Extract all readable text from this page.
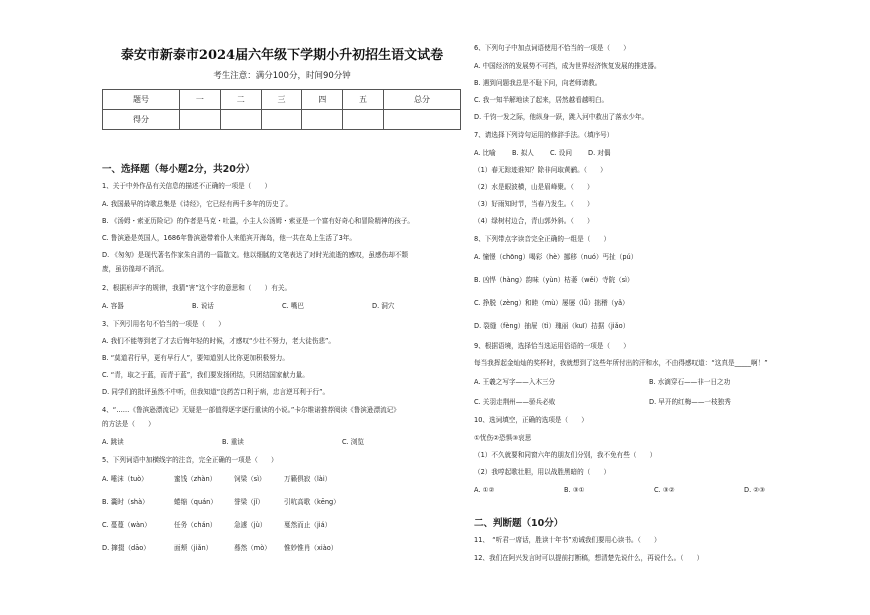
泰安市新泰市2024届六年级下学期小升初招生语文试卷
考生注意：满分100分，时间90分钟
题号	一	二	三	四	五	总分
得分						
一、选择题（每小题2分，共20分）
1、关于中外作品有关信息的描述不正确的一项是（　　）
A. 我国最早的诗歌总集是《诗经》，它已经有两千多年的历史了。
B. 《汤姆・索亚历险记》的作者是马克・吐温，小主人公汤姆・索亚是一个富有好奇心和冒险精神的孩子。
C. 鲁滨逊是英国人，1686年鲁滨逊带着仆人来船宾开海岛，他一共在岛上生活了3年。
D. 《匆匆》是现代著名作家朱自清的一篇散文。他以细腻的文笔表达了对时光流逝的感叹，虽感伤却不颓
废，虽彷徨却不消沉。
2、根据形声字的规律，我猜“害”这个字的意思和（　　）有关。
A. 容器	B. 说话	C. 嘴巴	D. 洞穴
3、下列引用名句不恰当的一项是（　　）
A. 我们不能等到老了才去后悔年轻的时候，才感叹“少壮不努力，老大徒伤悲”。
B. “莫道君行早，更有早行人”，要知道别人比你更加积极努力。
C. “青，取之于蓝，而青于蓝”，我们要发扬团结，只团结国家献力量。
D. 同学们的批评虽然不中听，但我知道“良药苦口利于病，忠言逆耳利于行”。
4、“……《鲁滨逊漂流记》无疑是一部值得逐字逐行重读的小说。”卡尔维诺推荐阅读《鲁滨逊漂流记》
的方法是（　　）
A. 跳读	B. 重读	C. 浏览
5、下列词语中加横线字的注音，完全正确的一项是（　　）
A. 唾沫（tuò）	蜜饯（zhàn）	饲梁（sì）	万籁俱寂（lài）
B. 囊时（shà）	蜷缩（quán）	誉梁（jǐ）	引吭高歌（kēng）
C. 蔓蔓（wàn）	任务（chán）	急遽（jù）	戛然而止（jiá）
D. 撺掇（dāo）	面颊（jiǎn）	蓦然（mò） 惟妙惟肖（xiào）
6、下列句子中加点词语使用不恰当的一项是（　　）
A. 中国经济的发展势不可挡，成为世界经济恢复发展的推进器。
B. 遇到问题我总是不耻下问，向老师请教。
C. 我一知半解地读了起来，居然越看越明白。
D. 千钧一发之际，他纵身一跃，跳入河中救出了落水少年。
7、请选择下列诗句运用的修辞手法。（填序号）
A. 比喻 B. 拟人 C. 设问 D. 对偶
（1）春无踪迹谁知？除非问取黄鹂。（　　）
（2）水是眼波横，山是眉峰聚。（　　）
（3）好雨知时节，当春乃发生。（　　）
（4）绿树村边合，青山郭外斜。（　　）
8、下列带点字读音完全正确的一组是（　　）
A. 憧憬（chōng）喝彩（hè）挪移（nuó）丐扯（pú）
B. 凶悍（hàng）韵味（yùn）枯萎（wěi）寺院（sì）
C. 挣脱（zèng）和睦（mù）屡屡（lǚ）拙稽（yǎ）
D. 裂缝（fèng）抽屉（tì）瑰丽（kuī）拮据（jiǎo）
9、根据语境，选择恰当选运用俗语的一项是（　　）
每当我挥起金灿灿的奖杯时，我就想到了这些年所付出的汗和水，不由得感叹道：“这真是_____啊！”
A. 王羲之写字——入木三分	B. 水滴穿石——非一日之功
C. 关羽走荆州——骄兵必败	D. 早开的红梅——一枝独秀
10、选词填空，正确的选项是（　　）
①忧伤②恐惧③哀思
（1）不久就要和同窗六年的朋友们分别，我不免有些（　　）
（2）我哼起歌壮胆，用以战胜黑暗的（　　）
A. ①②	B. ③①	C. ③②	D. ②③
二、判断题（10分）
11、　“听君一席话，胜读十年书”劝诫我们要用心读书。（　　）
12、我们在阿兴发言时可以提前打断稿，想清楚先说什么，再说什么。（　　）
